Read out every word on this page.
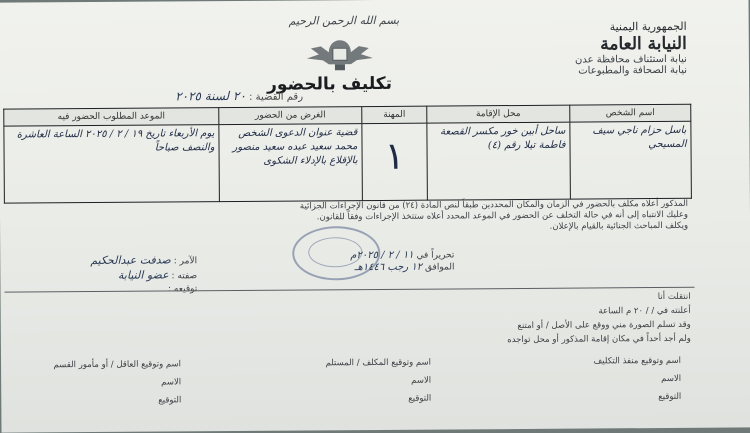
بسم الله الرحمن الرحيم	الجمهورية اليمنية
النيابة العامة
نيابة استئناف محافظة عدن
نيابة الصحافة والمطبوعات
تكليف بالحضور
رقم القضية : ٢٠ لسنة ٢٠٢٥
اسم الشخص	محل الإقامة	المهنة	الغرض من الحضور	الموعد المطلوب الحضور فيه
باسل حزام ناجي سيف المسيحي	ساحل أبين خور مكسر القصعة فاطمة تيلا رقم (٤)	١	قضية عنوان الدعوى الشخص محمد سعيد عبده سعيد منصور بالإقلاع بالإدلاء الشكوى	يوم الأربعاء تاريخ ١٩ / ٢ / ٢٠٢٥ الساعة العاشرة والنصف صباحاً
المذكور أعلاه مكلف بالحضور في الزمان والمكان المحددين طبقاً لنص المادة (٢٤) من قانون الإجراءات الجزائية
وعليك الانتباه إلى أنه في حالة التخلف عن الحضور في الموعد المحدد أعلاه ستتخذ الإجراءات وفقاً للقانون.
ويكلف المباحث الجنائية بالقيام بالإعلان.
تحريراً في ١١ / ٢ / ٢٠٢٥م
الموافق ١٢ رجب ١٤٤٦هـ
الآمر : صدفت عبدالحكيم
صفته : عضو النيابة
توقيعه :
انتقلت أنا
أعلنته في / / ٢٠ م الساعة
وقد تسلم الصورة مني ووقع على الأصل / أو امتنع
ولم أجد أحداً في مكان إقامة المذكور أو محل تواجده
اسم وتوقيع منفذ التكليف
الاسم
التوقيع
اسم وتوقيع المكلف / المستلم
الاسم
التوقيع
اسم وتوقيع العاقل / أو مأمور القسم
الاسم
التوقيع
